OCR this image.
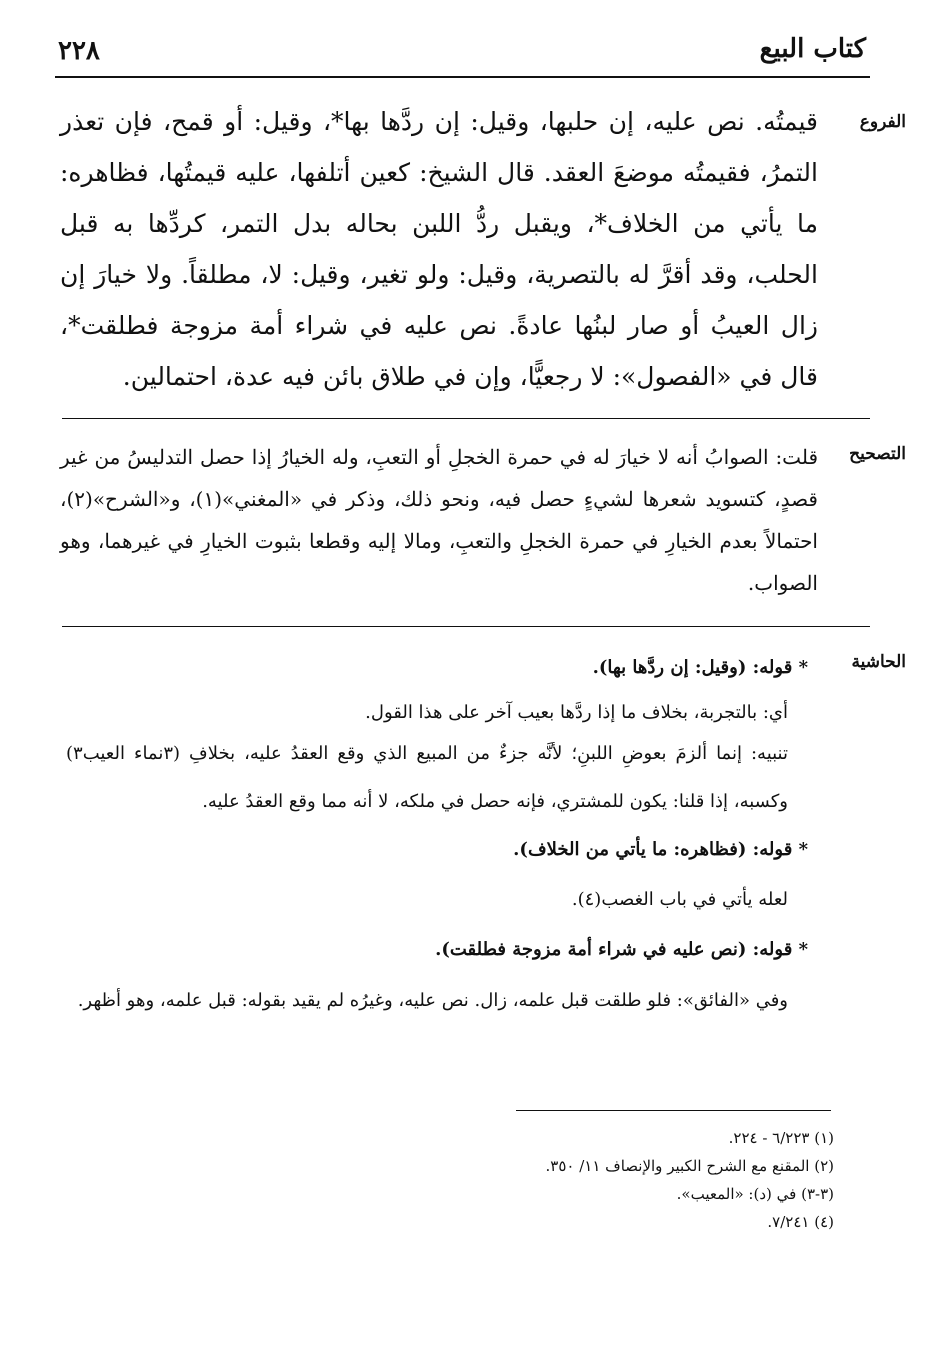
كتاب البيع
٢٢٨
الفروع

قيمتُه. نص عليه، إن حلبها، وقيل: إن ردَّها بها*، وقيل: أو قمح، فإن تعذر التمرُ، فقيمتُه موضعَ العقد. قال الشيخ: كعين أتلفها، عليه قيمتُها، فظاهره: ما يأتي من الخلاف*، ويقبل ردُّ اللبن بحاله بدل التمر، كردِّها به قبل الحلب، وقد أقرَّ له بالتصرية، وقيل: ولو تغير، وقيل: لا، مطلقاً. ولا خيارَ إن زال العيبُ أو صار لبنُها عادةً. نص عليه في شراء أمة مزوجة فطلقت*، قال في «الفصول»: لا رجعيًّا، وإن في طلاق بائن فيه عدة، احتمالين.

التصحيح

قلت: الصوابُ أنه لا خيارَ له في حمرة الخجلِ أو التعبِ، وله الخيارُ إذا حصل التدليسُ من غير قصدٍ، كتسويد شعرها لشيءٍ حصل فيه، ونحو ذلك، وذكر في «المغني»(١)، و«الشرح»(٢)، احتمالاً بعدم الخيارِ في حمرة الخجلِ والتعبِ، ومالا إليه وقطعا بثبوت الخيارِ في غيرهما، وهو الصواب.

الحاشية

* قوله: (وقيل: إن ردَّها بها).

أي: بالتجربة، بخلاف ما إذا ردَّها بعيب آخر على هذا القول.

تنبيه: إنما ألزمَ بعوضِ اللبنِ؛ لأنَّه جزءٌ من المبيع الذي وقع العقدُ عليه، بخلافِ (٣نماء العيب٣) وكسبه، إذا قلنا: يكون للمشتري، فإنه حصل في ملكه، لا أنه مما وقع العقدُ عليه.

* قوله: (فظاهره: ما يأتي من الخلاف).

لعله يأتي في باب الغصب(٤).

* قوله: (نص عليه في شراء أمة مزوجة فطلقت).

وفي «الفائق»: فلو طلقت قبل علمه، زال. نص عليه، وغيرُه لم يقيد بقوله: قبل علمه، وهو أظهر.

(١) ٦/٢٢٣ - ٢٢٤.
(٢) المقنع مع الشرح الكبير والإنصاف ١١/ ٣٥٠.
(٣-٣) في (د): «المعيب».
(٤) ٧/٢٤١.
